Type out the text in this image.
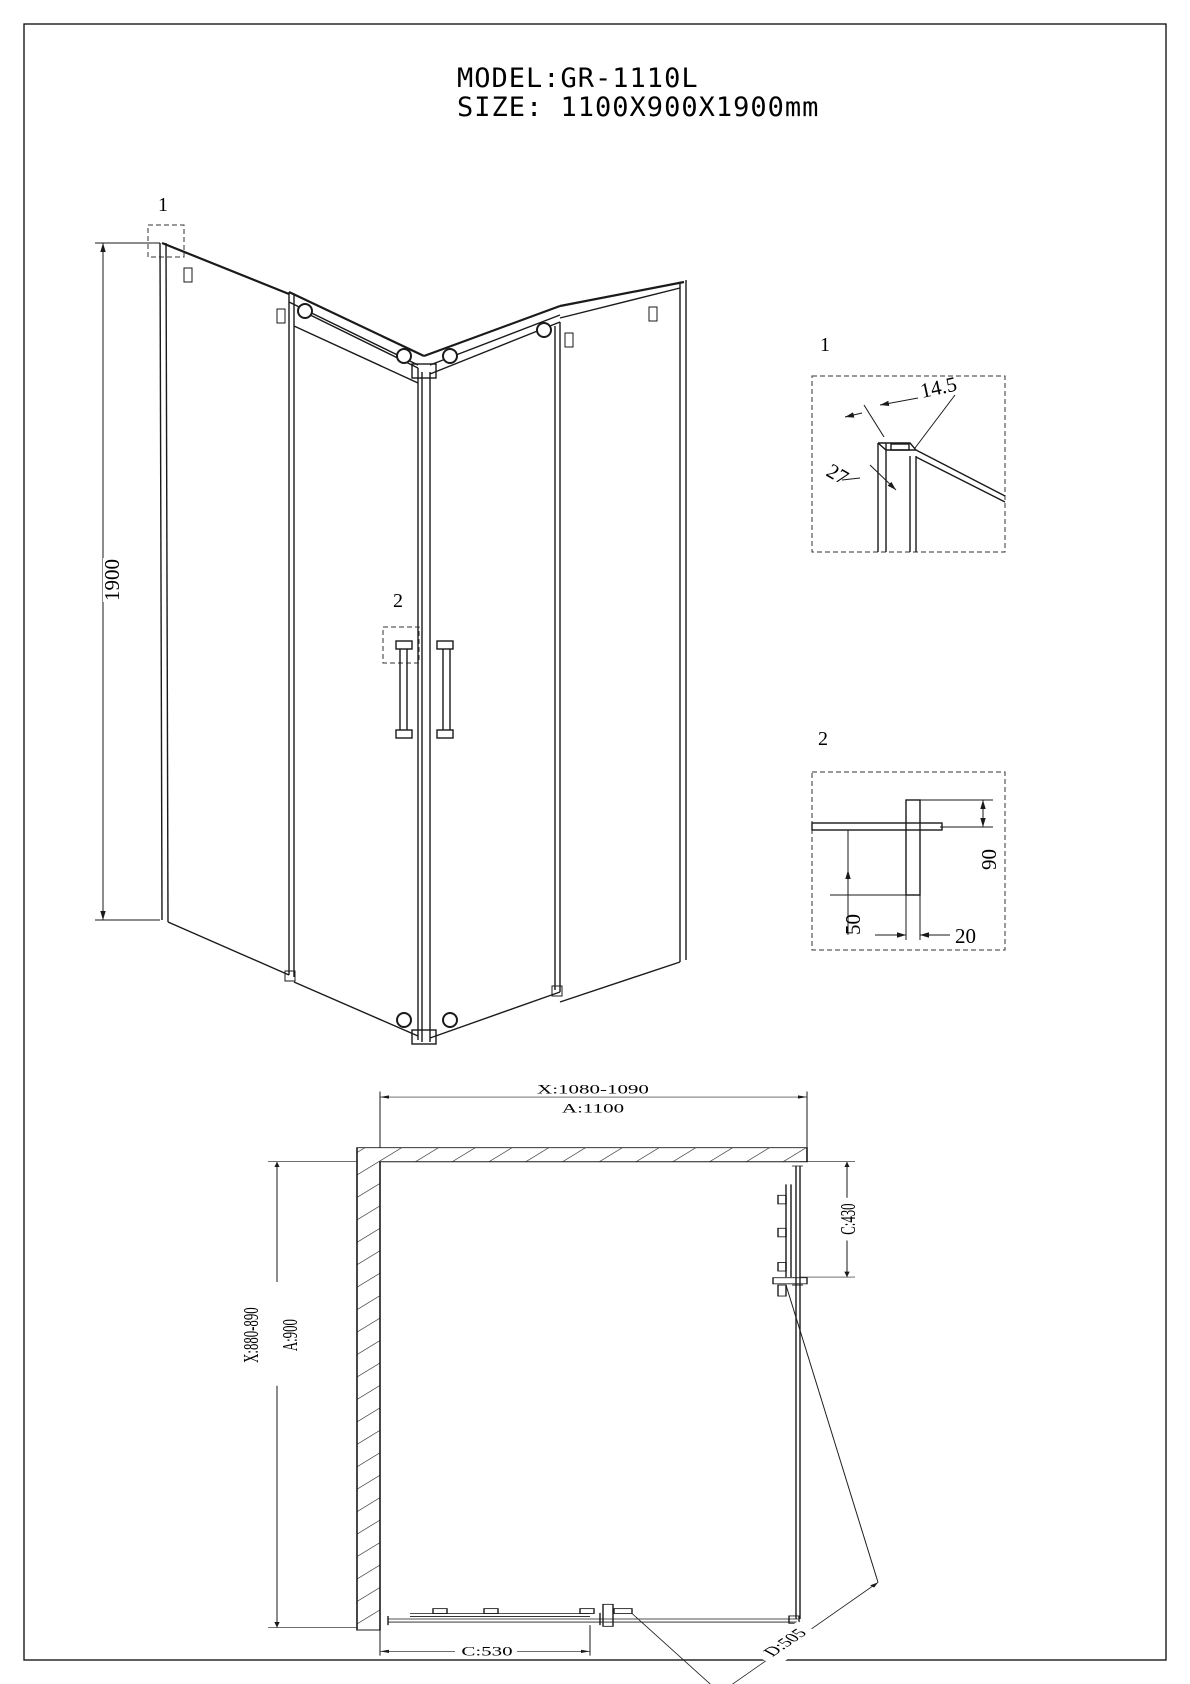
MODEL:GR-1110L
SIZE: 1100X900X1900mm
1900
1
2
1
14.5
27
2
90
50	20
X:1080-1090
A:1100
X:880-890 A:900
C:430
C:530	D:505
